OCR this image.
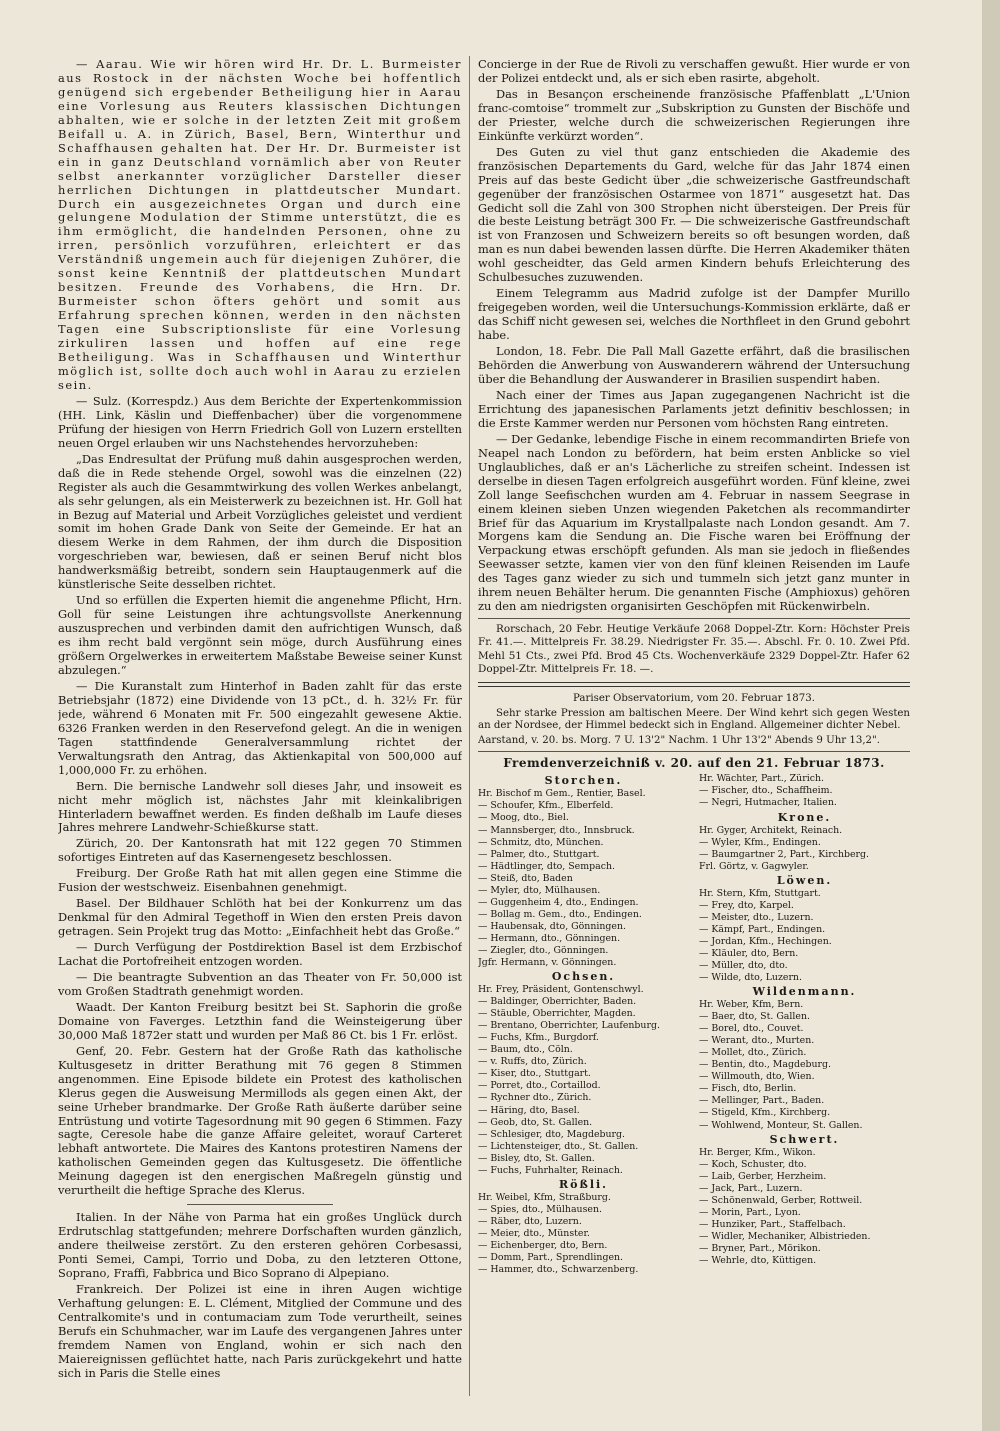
— Aarau. Wie wir hören wird Hr. Dr. L. Burmeister aus Rostock in der nächsten Woche bei hoffentlich genügend sich ergebender Betheiligung hier in Aarau eine Vorlesung aus Reuters klassischen Dichtungen abhalten, wie er solche in der letzten Zeit mit großem Beifall u. A. in Zürich, Basel, Bern, Winterthur und Schaffhausen gehalten hat. Der Hr. Dr. Burmeister ist ein in ganz Deutschland vornämlich aber von Reuter selbst anerkannter vorzüglicher Darsteller dieser herrlichen Dichtungen in plattdeutscher Mundart. Durch ein ausgezeichnetes Organ und durch eine gelungene Modulation der Stimme unterstützt, die es ihm ermöglicht, die handelnden Personen, ohne zu irren, persönlich vorzuführen, erleichtert er das Verständniß ungemein auch für diejenigen Zuhörer, die sonst keine Kenntniß der plattdeutschen Mundart besitzen. Freunde des Vorhabens, die Hrn. Dr. Burmeister schon öfters gehört und somit aus Erfahrung sprechen können, werden in den nächsten Tagen eine Subscriptionsliste für eine Vorlesung zirkuliren lassen und hoffen auf eine rege Betheiligung. Was in Schaffhausen und Winterthur möglich ist, sollte doch auch wohl in Aarau zu erzielen sein.

— Sulz. (Korrespdz.) Aus dem Berichte der Expertenkommission (HH. Link, Käslin und Dieffenbacher) über die vorgenommene Prüfung der hiesigen von Herrn Friedrich Goll von Luzern erstellten neuen Orgel erlauben wir uns Nachstehendes hervorzuheben:

„Das Endresultat der Prüfung muß dahin ausgesprochen werden, daß die in Rede stehende Orgel, sowohl was die einzelnen (22) Register als auch die Gesammtwirkung des vollen Werkes anbelangt, als sehr gelungen, als ein Meisterwerk zu bezeichnen ist. Hr. Goll hat in Bezug auf Material und Arbeit Vorzügliches geleistet und verdient somit im hohen Grade Dank von Seite der Gemeinde. Er hat an diesem Werke in dem Rahmen, der ihm durch die Disposition vorgeschrieben war, bewiesen, daß er seinen Beruf nicht blos handwerksmäßig betreibt, sondern sein Hauptaugenmerk auf die künstlerische Seite desselben richtet.

Und so erfüllen die Experten hiemit die angenehme Pflicht, Hrn. Goll für seine Leistungen ihre achtungsvollste Anerkennung auszusprechen und verbinden damit den aufrichtigen Wunsch, daß es ihm recht bald vergönnt sein möge, durch Ausführung eines größern Orgelwerkes in erweitertem Maßstabe Beweise seiner Kunst abzulegen.“

— Die Kuranstalt zum Hinterhof in Baden zahlt für das erste Betriebsjahr (1872) eine Dividende von 13 pCt., d. h. 32½ Fr. für jede, während 6 Monaten mit Fr. 500 eingezahlt gewesene Aktie. 6326 Franken werden in den Reservefond gelegt. An die in wenigen Tagen stattfindende Generalversammlung richtet der Verwaltungsrath den Antrag, das Aktienkapital von 500,000 auf 1,000,000 Fr. zu erhöhen.

Bern. Die bernische Landwehr soll dieses Jahr, und insoweit es nicht mehr möglich ist, nächstes Jahr mit kleinkalibrigen Hinterladern bewaffnet werden. Es finden deßhalb im Laufe dieses Jahres mehrere Landwehr-Schießkurse statt.

Zürich, 20. Der Kantonsrath hat mit 122 gegen 70 Stimmen sofortiges Eintreten auf das Kasernengesetz beschlossen.

Freiburg. Der Große Rath hat mit allen gegen eine Stimme die Fusion der westschweiz. Eisenbahnen genehmigt.

Basel. Der Bildhauer Schlöth hat bei der Konkurrenz um das Denkmal für den Admiral Tegethoff in Wien den ersten Preis davon getragen. Sein Projekt trug das Motto: „Einfachheit hebt das Große.“

— Durch Verfügung der Postdirektion Basel ist dem Erzbischof Lachat die Portofreiheit entzogen worden.

— Die beantragte Subvention an das Theater von Fr. 50,000 ist vom Großen Stadtrath genehmigt worden.

Waadt. Der Kanton Freiburg besitzt bei St. Saphorin die große Domaine von Faverges. Letzthin fand die Weinsteigerung über 30,000 Maß 1872er statt und wurden per Maß 86 Ct. bis 1 Fr. erlöst.

Genf, 20. Febr. Gestern hat der Große Rath das katholische Kultusgesetz in dritter Berathung mit 76 gegen 8 Stimmen angenommen. Eine Episode bildete ein Protest des katholischen Klerus gegen die Ausweisung Mermillods als gegen einen Akt, der seine Urheber brandmarke. Der Große Rath äußerte darüber seine Entrüstung und votirte Tagesordnung mit 90 gegen 6 Stimmen. Fazy sagte, Ceresole habe die ganze Affaire geleitet, worauf Carteret lebhaft antwortete. Die Maires des Kantons protestiren Namens der katholischen Gemeinden gegen das Kultusgesetz. Die öffentliche Meinung dagegen ist den energischen Maßregeln günstig und verurtheilt die heftige Sprache des Klerus.

Italien. In der Nähe von Parma hat ein großes Unglück durch Erdrutschlag stattgefunden; mehrere Dorfschaften wurden gänzlich, andere theilweise zerstört. Zu den ersteren gehören Corbesassi, Ponti Semei, Campi, Torrio und Doba, zu den letzteren Ottone, Soprano, Fraffi, Fabbrica und Bico Soprano di Alpepiano.

Frankreich. Der Polizei ist eine in ihren Augen wichtige Verhaftung gelungen: E. L. Clément, Mitglied der Commune und des Centralkomite's und in contumaciam zum Tode verurtheilt, seines Berufs ein Schuhmacher, war im Laufe des vergangenen Jahres unter fremdem Namen von England, wohin er sich nach den Maiereignissen geflüchtet hatte, nach Paris zurückgekehrt und hatte sich in Paris die Stelle eines

Concierge in der Rue de Rivoli zu verschaffen gewußt. Hier wurde er von der Polizei entdeckt und, als er sich eben rasirte, abgeholt.

Das in Besançon erscheinende französische Pfaffenblatt „L'Union franc-comtoise“ trommelt zur „Subskription zu Gunsten der Bischöfe und der Priester, welche durch die schweizerischen Regierungen ihre Einkünfte verkürzt worden“.

Des Guten zu viel thut ganz entschieden die Akademie des französischen Departements du Gard, welche für das Jahr 1874 einen Preis auf das beste Gedicht über „die schweizerische Gastfreundschaft gegenüber der französischen Ostarmee von 1871“ ausgesetzt hat. Das Gedicht soll die Zahl von 300 Strophen nicht übersteigen. Der Preis für die beste Leistung beträgt 300 Fr. — Die schweizerische Gastfreundschaft ist von Franzosen und Schweizern bereits so oft besungen worden, daß man es nun dabei bewenden lassen dürfte. Die Herren Akademiker thäten wohl gescheidter, das Geld armen Kindern behufs Erleichterung des Schulbesuches zuzuwenden.

Einem Telegramm aus Madrid zufolge ist der Dampfer Murillo freigegeben worden, weil die Untersuchungs-Kommission erklärte, daß er das Schiff nicht gewesen sei, welches die Northfleet in den Grund gebohrt habe.

London, 18. Febr. Die Pall Mall Gazette erfährt, daß die brasilischen Behörden die Anwerbung von Auswanderern während der Untersuchung über die Behandlung der Auswanderer in Brasilien suspendirt haben.

Nach einer der Times aus Japan zugegangenen Nachricht ist die Errichtung des japanesischen Parlaments jetzt definitiv beschlossen; in die Erste Kammer werden nur Personen vom höchsten Rang eintreten.

— Der Gedanke, lebendige Fische in einem recommandirten Briefe von Neapel nach London zu befördern, hat beim ersten Anblicke so viel Unglaubliches, daß er an's Lächerliche zu streifen scheint. Indessen ist derselbe in diesen Tagen erfolgreich ausgeführt worden. Fünf kleine, zwei Zoll lange Seefischchen wurden am 4. Februar in nassem Seegrase in einem kleinen sieben Unzen wiegenden Paketchen als recommandirter Brief für das Aquarium im Krystallpalaste nach London gesandt. Am 7. Morgens kam die Sendung an. Die Fische waren bei Eröffnung der Verpackung etwas erschöpft gefunden. Als man sie jedoch in fließendes Seewasser setzte, kamen vier von den fünf kleinen Reisenden im Laufe des Tages ganz wieder zu sich und tummeln sich jetzt ganz munter in ihrem neuen Behälter herum. Die genannten Fische (Amphioxus) gehören zu den am niedrigsten organisirten Geschöpfen mit Rückenwirbeln.

Rorschach, 20 Febr. Heutige Verkäufe 2068 Doppel-Ztr. Korn: Höchster Preis Fr. 41.—. Mittelpreis Fr. 38.29. Niedrigster Fr. 35.—. Abschl. Fr. 0. 10. Zwei Pfd. Mehl 51 Cts., zwei Pfd. Brod 45 Cts. Wochenverkäufe 2329 Doppel-Ztr. Hafer 62 Doppel-Ztr. Mittelpreis Fr. 18. —.

Pariser Observatorium, vom 20. Februar 1873.

Sehr starke Pression am baltischen Meere. Der Wind kehrt sich gegen Westen an der Nordsee, der Himmel bedeckt sich in England. Allgemeiner dichter Nebel.

Aarstand, v. 20. bs. Morg. 7 U. 13'2" Nachm. 1 Uhr 13'2" Abends 9 Uhr 13,2".

Fremdenverzeichniß v. 20. auf den 21. Februar 1873.
Storchen.
Hr. Bischof m Gem., Rentier, Basel.
— Schoufer, Kfm., Elberfeld.
— Moog, dto., Biel.
— Mannsberger, dto., Innsbruck.
— Schmitz, dto, München.
— Palmer, dto., Stuttgart.
— Hädtlinger, dto, Sempach.
— Steiß, dto, Baden
— Myler, dto, Mülhausen.
— Guggenheim 4, dto., Endingen.
— Bollag m. Gem., dto., Endingen.
— Haubensak, dto, Gönningen.
— Hermann, dto., Gönningen.
— Ziegler, dto., Gönningen.
Jgfr. Hermann, v. Gönningen.
Ochsen.
Hr. Frey, Präsident, Gontenschwyl.
— Baldinger, Oberrichter, Baden.
— Stäuble, Oberrichter, Magden.
— Brentano, Oberrichter, Laufenburg.
— Fuchs, Kfm., Burgdorf.
— Baum, dto., Cöln.
— v. Ruffs, dto, Zürich.
— Kiser, dto., Stuttgart.
— Porret, dto., Cortaillod.
— Rychner dto., Zürich.
— Häring, dto, Basel.
— Geob, dto, St. Gallen.
— Schlesiger, dto, Magdeburg.
— Lichtensteiger, dto., St. Gallen.
— Bisley, dto, St. Gallen.
— Fuchs, Fuhrhalter, Reinach.
Rößli.
Hr. Weibel, Kfm, Straßburg.
— Spies, dto., Mülhausen.
— Räber, dto, Luzern.
— Meier, dto., Münster.
— Eichenberger, dto, Bern.
— Domm, Part., Sprendlingen.
— Hammer, dto., Schwarzenberg.
Hr. Wächter, Part., Zürich.
— Fischer, dto., Schaffheim.
— Negri, Hutmacher, Italien.
Krone.
Hr. Gyger, Architekt, Reinach.
— Wyler, Kfm., Endingen.
— Baumgartner 2, Part., Kirchberg.
Frl. Görtz, v. Gagwyler.
Löwen.
Hr. Stern, Kfm, Stuttgart.
— Frey, dto, Karpel.
— Meister, dto., Luzern.
— Kämpf, Part., Endingen.
— Jordan, Kfm., Hechingen.
— Kläuler, dto, Bern.
— Müller, dto, dto.
— Wilde, dto, Luzern.
Wildenmann.
Hr. Weber, Kfm, Bern.
— Baer, dto, St. Gallen.
— Borel, dto., Couvet.
— Werant, dto., Murten.
— Mollet, dto., Zürich.
— Bentin, dto., Magdeburg.
— Willmouth, dto, Wien.
— Fisch, dto, Berlin.
— Mellinger, Part., Baden.
— Stigeld, Kfm., Kirchberg.
— Wohlwend, Monteur, St. Gallen.
Schwert.
Hr. Berger, Kfm., Wikon.
— Koch, Schuster, dto.
— Laib, Gerber, Herzheim.
— Jack, Part., Luzern.
— Schönenwald, Gerber, Rottweil.
— Morin, Part., Lyon.
— Hunziker, Part., Staffelbach.
— Widler, Mechaniker, Albistrieden.
— Bryner, Part., Mörikon.
— Wehrle, dto, Küttigen.
